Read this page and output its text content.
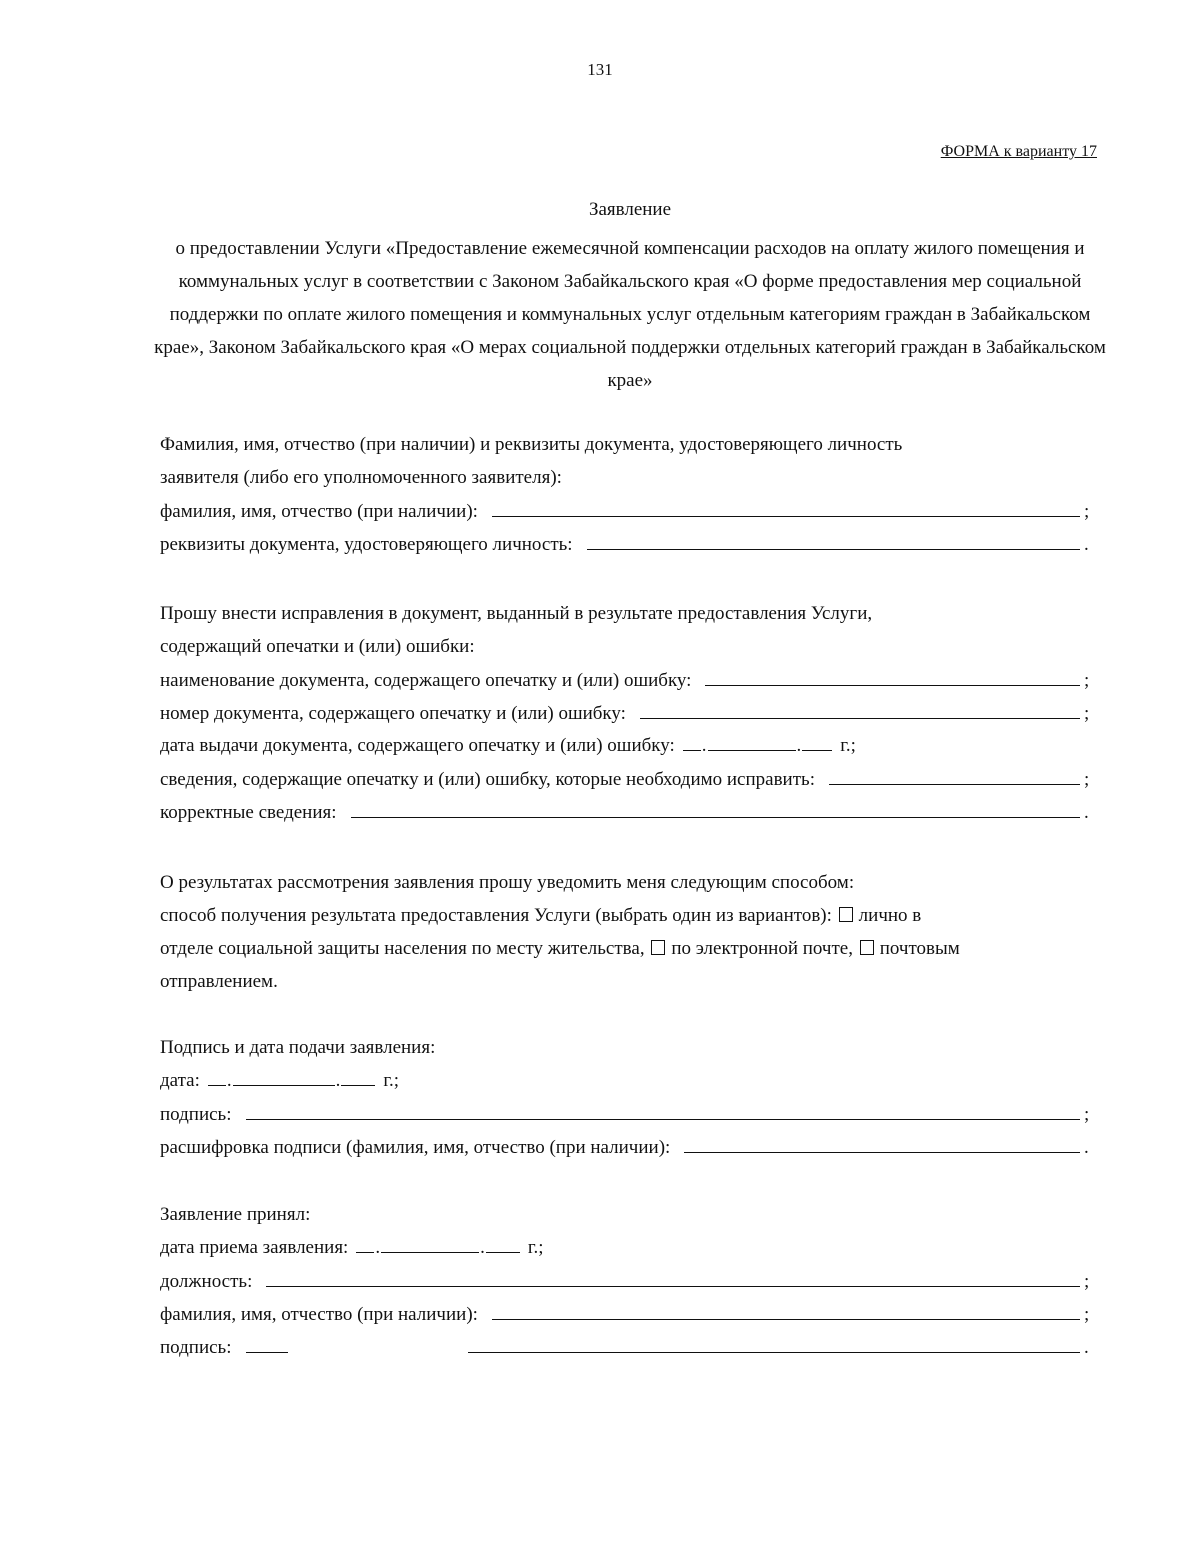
131
ФОРМА к варианту 17
Заявление
о предоставлении Услуги «Предоставление ежемесячной компенсации расходов на оплату жилого помещения и коммунальных услуг в соответствии с Законом Забайкальского края «О форме предоставления мер социальной поддержки по оплате жилого помещения и коммунальных услуг отдельным категориям граждан в Забайкальском крае», Законом Забайкальского края «О мерах социальной поддержки отдельных категорий граждан в Забайкальском крае»
Фамилия, имя, отчество (при наличии) и реквизиты документа, удостоверяющего личность
заявителя (либо его уполномоченного заявителя):
фамилия, имя, отчество (при наличии):	;
реквизиты документа, удостоверяющего личность:	.
Прошу внести исправления в документ, выданный в результате предоставления Услуги,
содержащий опечатки и (или) ошибки:
наименование документа, содержащего опечатку и (или) ошибку:	;
номер документа, содержащего опечатку и (или) ошибку:	;
дата выдачи документа, содержащего опечатку и (или) ошибку: .	. г.;
сведения, содержащие опечатку и (или) ошибку, которые необходимо исправить:	;
корректные сведения:	.
О результатах рассмотрения заявления прошу уведомить меня следующим способом:
способ получения результата предоставления Услуги (выбрать один из вариантов): лично в
отделе социальной защиты населения по месту жительства, по электронной почте, почтовым
отправлением.
Подпись и дата подачи заявления:
дата: .	. г.;
подпись:	;
расшифровка подписи (фамилия, имя, отчество (при наличии):	.
Заявление принял:
дата приема заявления: .	. г.;
должность:	;
фамилия, имя, отчество (при наличии):	;
подпись:	.
